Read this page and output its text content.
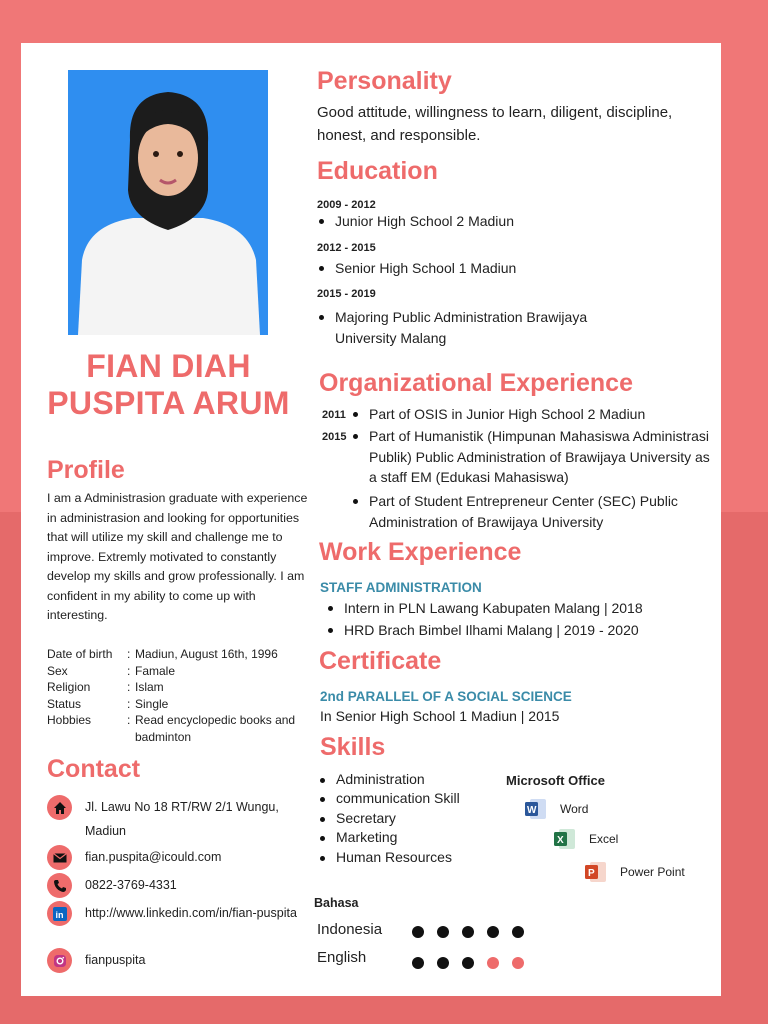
FIAN DIAH PUSPITA ARUM
Profile
I am a Administrasion graduate with experience in administrasion and looking for opportunities that will utilize my skill and challenge me to improve. Extremly motivated to constantly develop my skills and grow professionally. I am confident in my ability to come up with interesting.
Date of birth	: Madiun, August 16th, 1996
Sex	: Famale
Religion	: Islam
Status	: Single
Hobbies	: Read encyclopedic books and badminton
Contact
Jl. Lawu No 18 RT/RW 2/1 Wungu, Madiun
fian.puspita@icould.com
0822-3769-4331
in http://www.linkedin.com/in/fian-puspita
fianpuspita
Personality
Good attitude, willingness to learn, diligent, discipline, honest, and responsible.
Education
2009 - 2012
Junior High School 2 Madiun
2012 - 2015
Senior High School 1 Madiun
2015 - 2019
Majoring Public Administration Brawijaya University Malang
Organizational Experience
2011	Part of OSIS in Junior High School 2 Madiun
2015	Part of Humanistik (Himpunan Mahasiswa Administrasi Publik) Public Administration of Brawijaya University as a staff EM (Edukasi Mahasiswa)
Part of Student Entrepreneur Center (SEC) Public Administration of Brawijaya University
Work Experience
STAFF ADMINISTRATION
Intern in PLN Lawang Kabupaten Malang | 2018
HRD Brach Bimbel Ilhami Malang | 2019 - 2020
Certificate
2nd PARALLEL OF A SOCIAL SCIENCE
In Senior High School 1 Madiun | 2015
Skills
Administration
communication Skill
Secretary
Marketing
Human Resources
Microsoft Office
W Word
X Excel
P Power Point
Bahasa
Indonesia
English
